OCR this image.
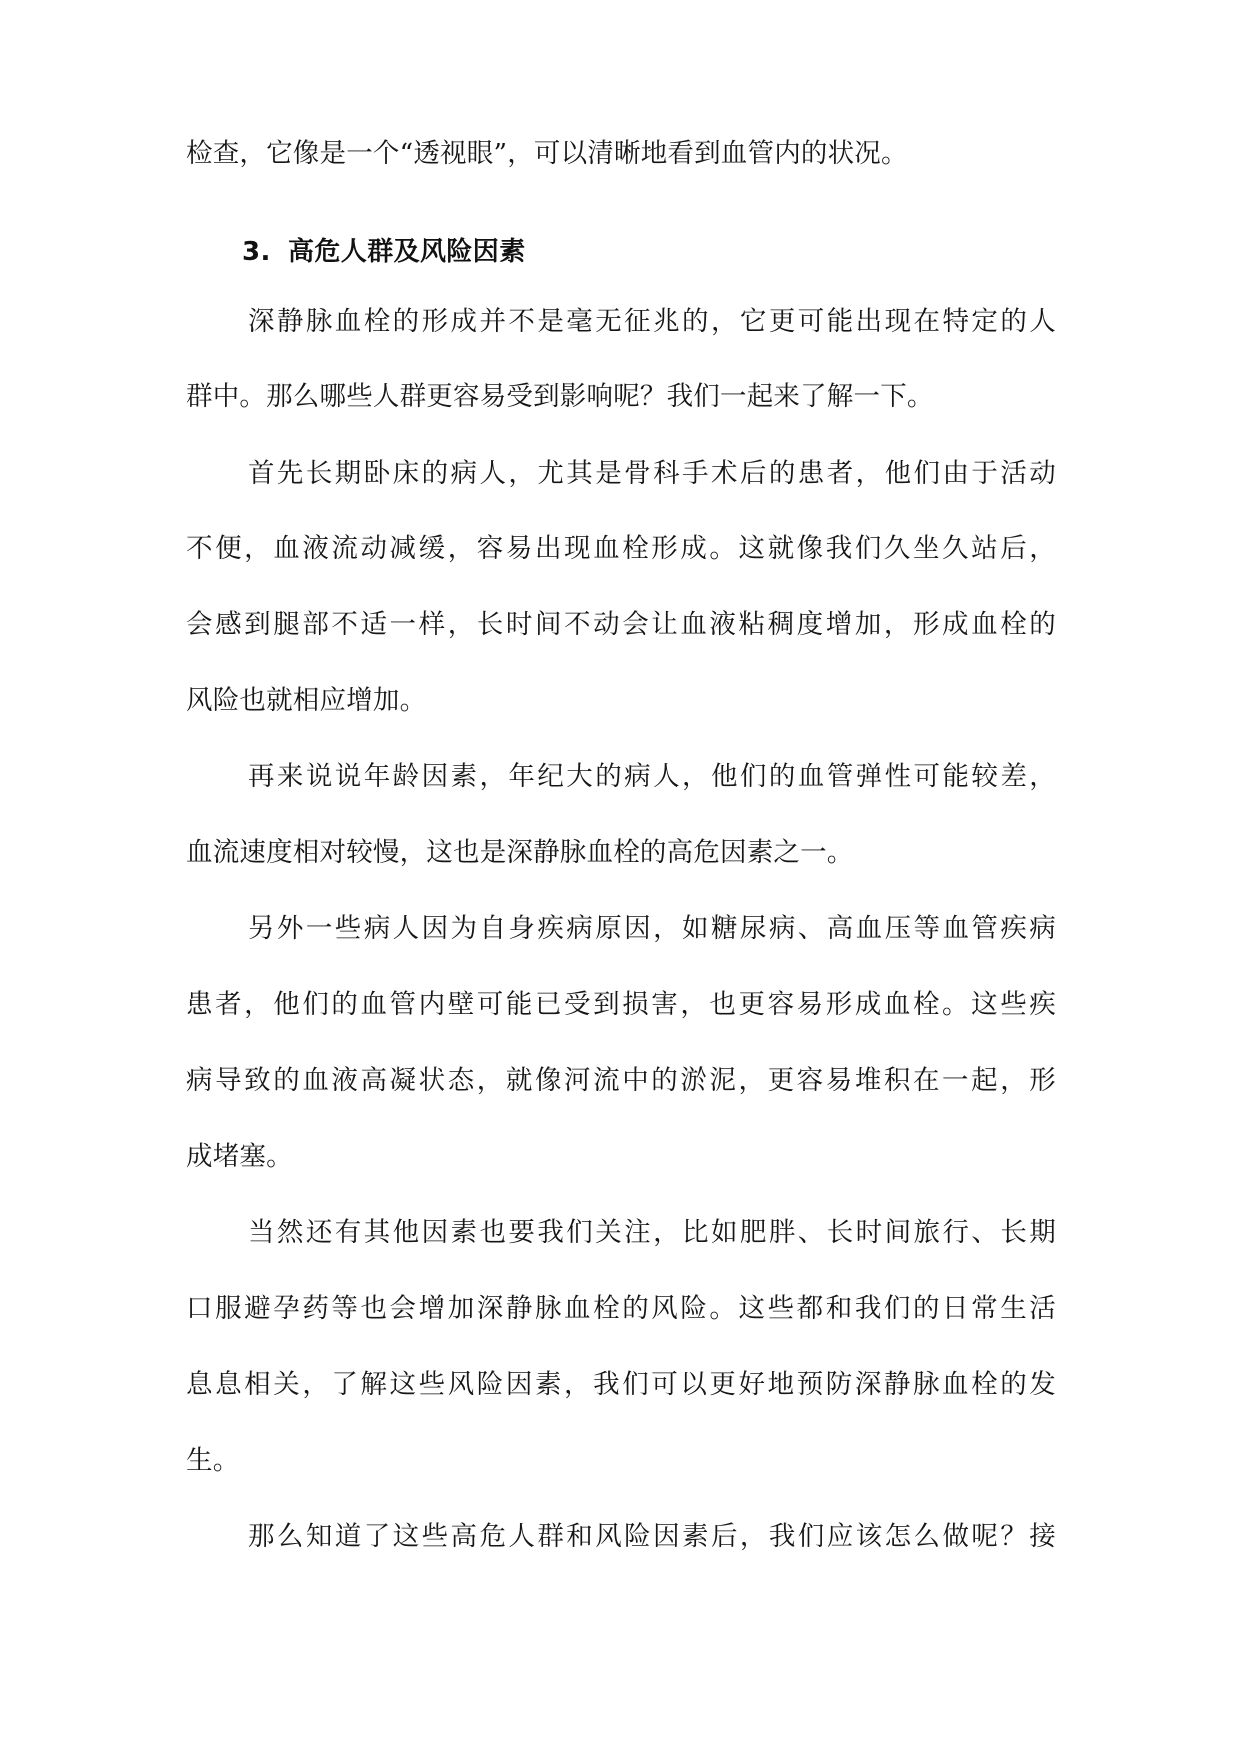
检查，它像是一个“透视眼”，可以清晰地看到血管内的状况。

3. 高危人群及风险因素

深静脉血栓的形成并不是毫无征兆的，它更可能出现在特定的人

群中。那么哪些人群更容易受到影响呢？我们一起来了解一下。

首先长期卧床的病人，尤其是骨科手术后的患者，他们由于活动

不便，血液流动减缓，容易出现血栓形成。这就像我们久坐久站后，

会感到腿部不适一样，长时间不动会让血液粘稠度增加，形成血栓的

风险也就相应增加。

再来说说年龄因素，年纪大的病人，他们的血管弹性可能较差，

血流速度相对较慢，这也是深静脉血栓的高危因素之一。

另外一些病人因为自身疾病原因，如糖尿病、高血压等血管疾病

患者，他们的血管内壁可能已受到损害，也更容易形成血栓。这些疾

病导致的血液高凝状态，就像河流中的淤泥，更容易堆积在一起，形

成堵塞。

当然还有其他因素也要我们关注，比如肥胖、长时间旅行、长期

口服避孕药等也会增加深静脉血栓的风险。这些都和我们的日常生活

息息相关，了解这些风险因素，我们可以更好地预防深静脉血栓的发

生。

那么知道了这些高危人群和风险因素后，我们应该怎么做呢？接
